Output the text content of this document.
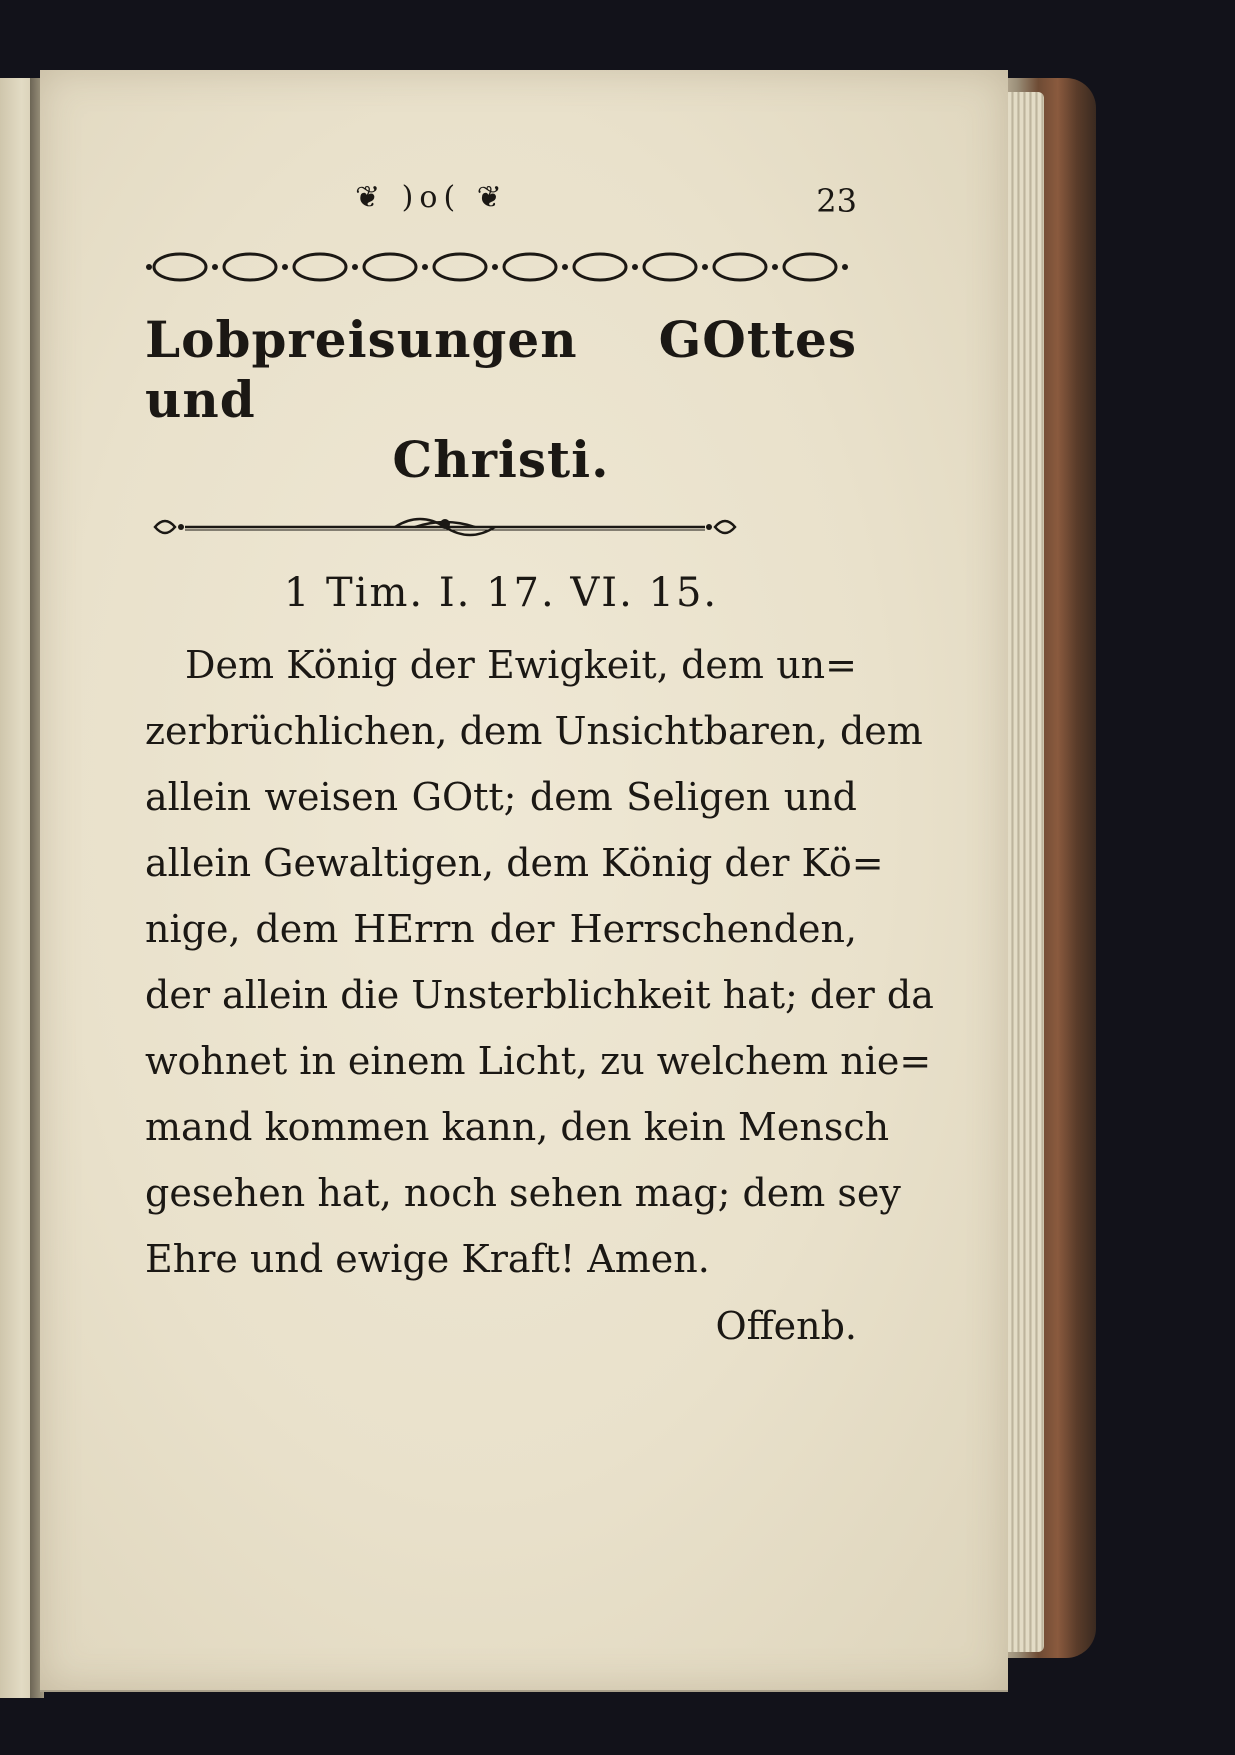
❦ )o( ❦	23
Lobpreisungen GOttes und
Christi.
1 Tim. I. 17. VI. 15.
Dem König der Ewigkeit, dem un=
zerbrüchlichen, dem Unsichtbaren, dem
allein weisen GOtt; dem Seligen und
allein Gewaltigen, dem König der Kö=
nige, dem HErrn der Herrschenden,
der allein die Unsterblichkeit hat; der da
wohnet in einem Licht, zu welchem nie=
mand kommen kann, den kein Mensch
gesehen hat, noch sehen mag; dem sey
Ehre und ewige Kraft! Amen.
Offenb.
